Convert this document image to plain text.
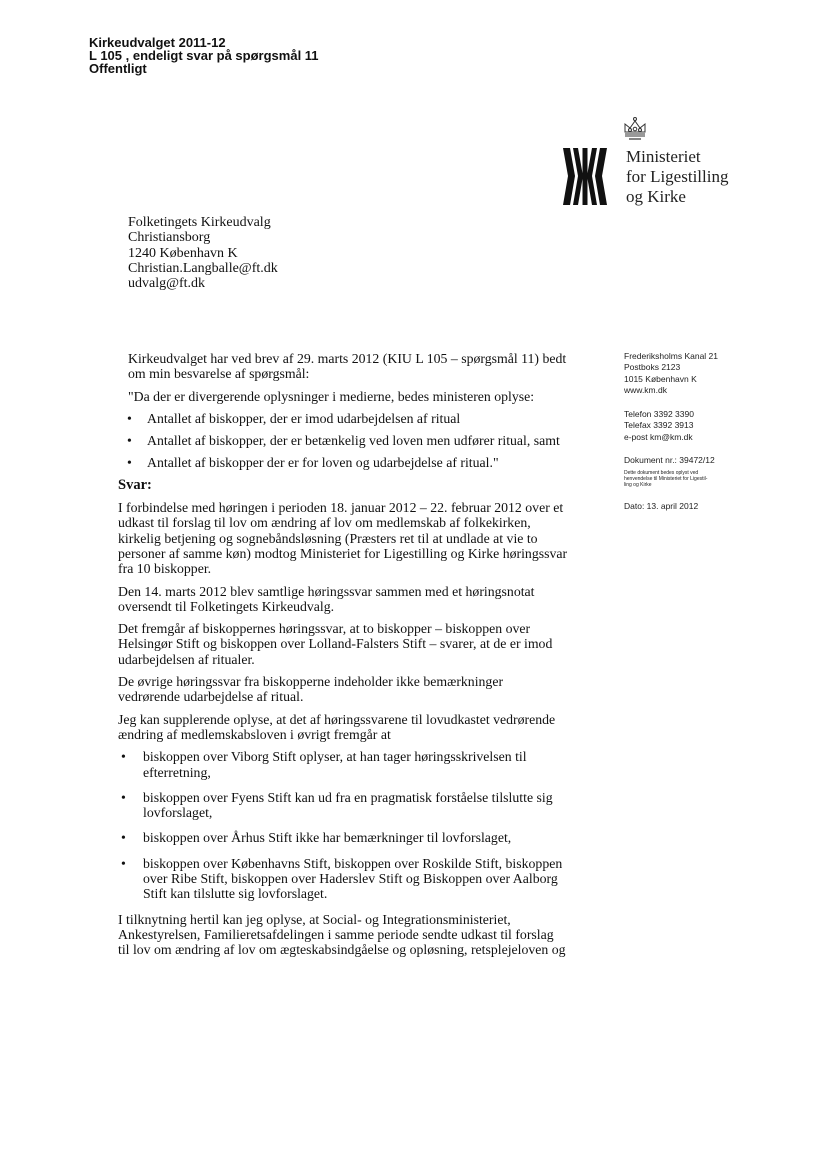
Kirkeudvalget 2011-12
L 105 , endeligt svar på spørgsmål 11
Offentligt
Ministeriet
for Ligestilling
og Kirke
Folketingets Kirkeudvalg
Christiansborg
1240 København K
Christian.Langballe@ft.dk
udvalg@ft.dk
Frederiksholms Kanal 21
Postboks 2123
1015 København K
www.km.dk
Telefon 3392 3390
Telefax 3392 3913
e-post km@km.dk
Dokument nr.: 39472/12
Dette dokument bedes oplyst ved
henvendelse til Ministeriet for Ligestil-
ling og Kirke
Dato: 13. april 2012

Kirkeudvalget har ved brev af 29. marts 2012 (KIU L 105 – spørgsmål 11) bedt om min besvarelse af spørgsmål:

"Da der er divergerende oplysninger i medierne, bedes ministeren oplyse:

• Antallet af biskopper, der er imod udarbejdelsen af ritual
• Antallet af biskopper, der er betænkelig ved loven men udfører ritual, samt
• Antallet af biskopper der er for loven og udarbejdelse af ritual."

Svar:

I forbindelse med høringen i perioden 18. januar 2012 – 22. februar 2012 over et udkast til forslag til lov om ændring af lov om medlemskab af folkekirken, kirkelig betjening og sognebåndsløsning (Præsters ret til at undlade at vie to personer af samme køn) modtog Ministeriet for Ligestilling og Kirke høringssvar fra 10 biskopper.

Den 14. marts 2012 blev samtlige høringssvar sammen med et høringsnotat oversendt til Folketingets Kirkeudvalg.

Det fremgår af biskoppernes høringssvar, at to biskopper – biskoppen over Helsingør Stift og biskoppen over Lolland-Falsters Stift – svarer, at de er imod udarbejdelsen af ritualer.

De øvrige høringssvar fra biskopperne indeholder ikke bemærkninger vedrørende udarbejdelse af ritual.

Jeg kan supplerende oplyse, at det af høringssvarene til lovudkastet vedrørende ændring af medlemskabsloven i øvrigt fremgår at

• biskoppen over Viborg Stift oplyser, at han tager høringsskrivelsen til efterretning,
• biskoppen over Fyens Stift kan ud fra en pragmatisk forståelse tilslutte sig lovforslaget,
• biskoppen over Århus Stift ikke har bemærkninger til lovforslaget,
• biskoppen over Københavns Stift, biskoppen over Roskilde Stift, biskoppen over Ribe Stift, biskoppen over Haderslev Stift og Biskoppen over Aalborg Stift kan tilslutte sig lovforslaget.

I tilknytning hertil kan jeg oplyse, at Social- og Integrationsministeriet, Ankestyrelsen, Familieretsafdelingen i samme periode sendte udkast til forslag til lov om ændring af lov om ægteskabsindgåelse og opløsning, retsplejeloven og
